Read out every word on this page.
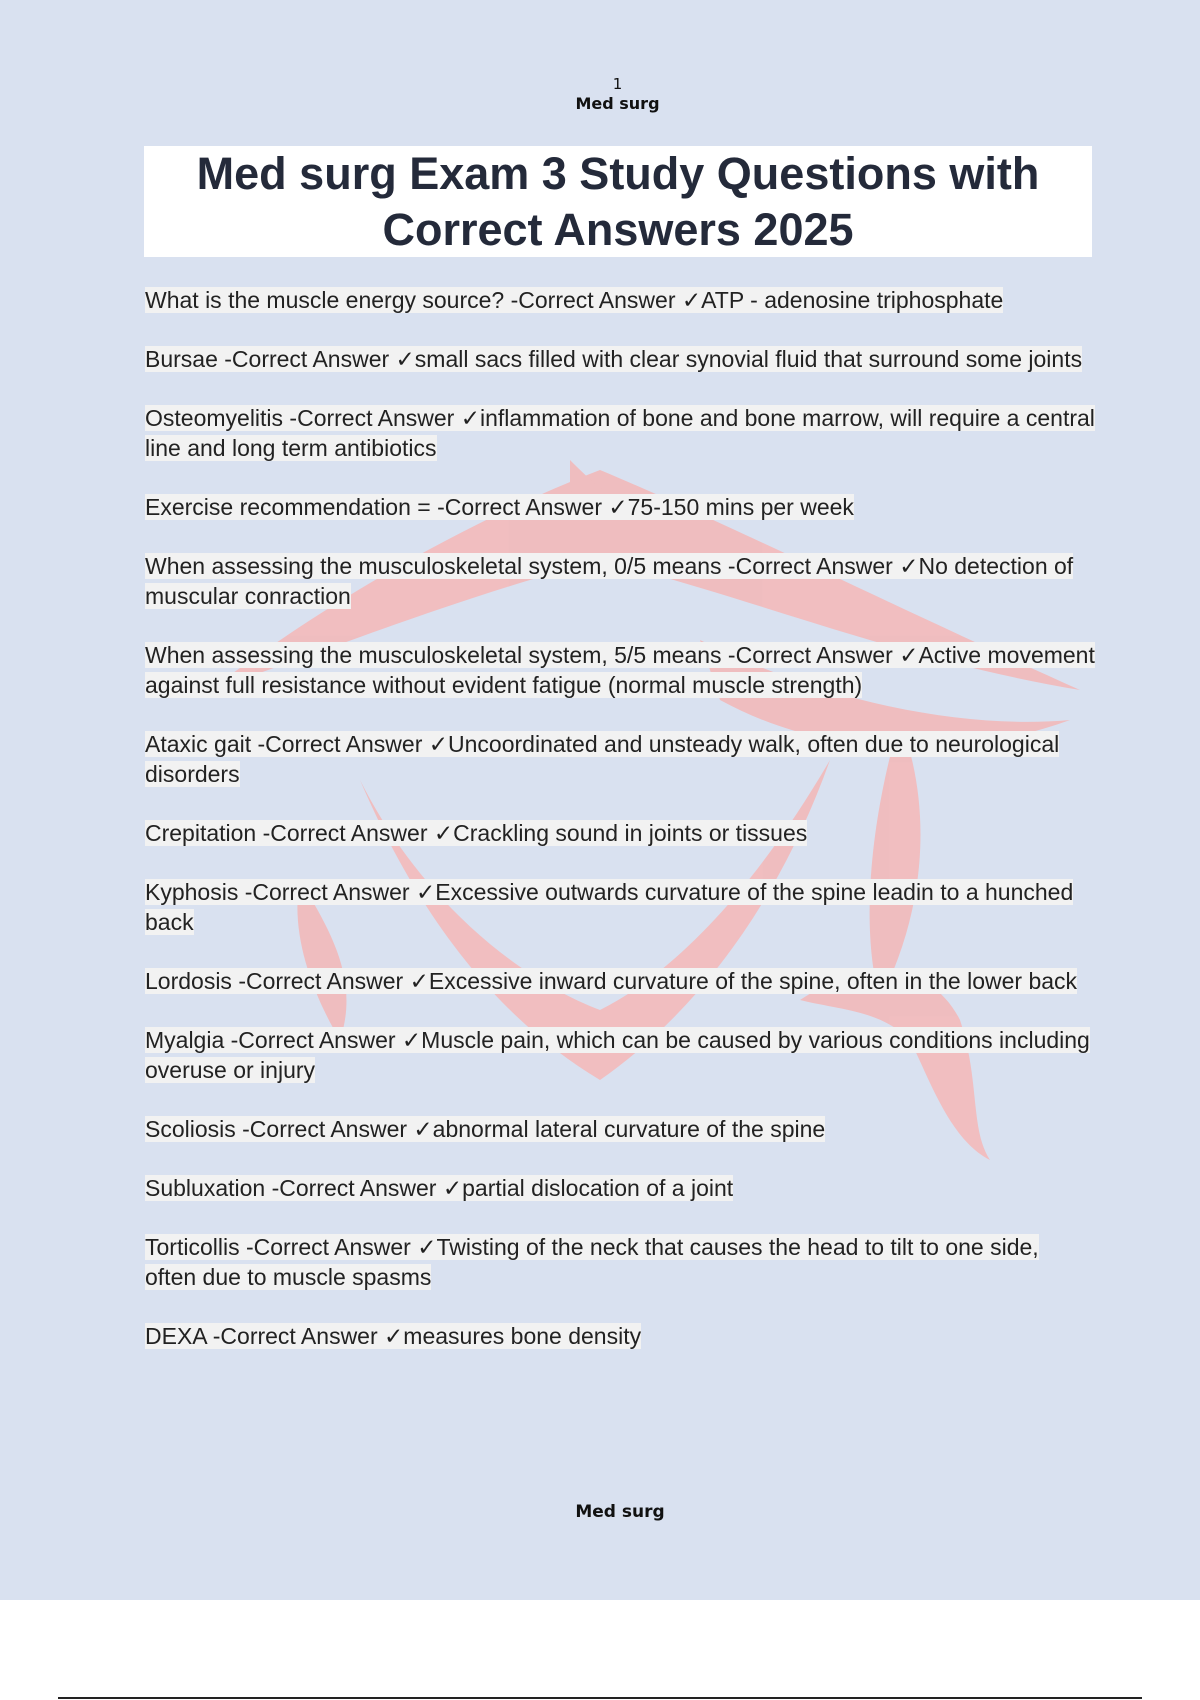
1
Med surg
Med surg Exam 3 Study Questions with Correct Answers 2025
What is the muscle energy source? -Correct Answer ✓ATP - adenosine triphosphate
Bursae -Correct Answer ✓small sacs filled with clear synovial fluid that surround some joints
Osteomyelitis -Correct Answer ✓inflammation of bone and bone marrow, will require a central line and long term antibiotics
Exercise recommendation = -Correct Answer ✓75-150 mins per week
When assessing the musculoskeletal system, 0/5 means -Correct Answer ✓No detection of muscular conraction
When assessing the musculoskeletal system, 5/5 means -Correct Answer ✓Active movement against full resistance without evident fatigue (normal muscle strength)
Ataxic gait -Correct Answer ✓Uncoordinated and unsteady walk, often due to neurological disorders
Crepitation -Correct Answer ✓Crackling sound in joints or tissues
Kyphosis -Correct Answer ✓Excessive outwards curvature of the spine leadin to a hunched back
Lordosis -Correct Answer ✓Excessive inward curvature of the spine, often in the lower back
Myalgia -Correct Answer ✓Muscle pain, which can be caused by various conditions including overuse or injury
Scoliosis -Correct Answer ✓abnormal lateral curvature of the spine
Subluxation -Correct Answer ✓partial dislocation of a joint
Torticollis -Correct Answer ✓Twisting of the neck that causes the head to tilt to one side, often due to muscle spasms
DEXA -Correct Answer ✓measures bone density
Med surg
